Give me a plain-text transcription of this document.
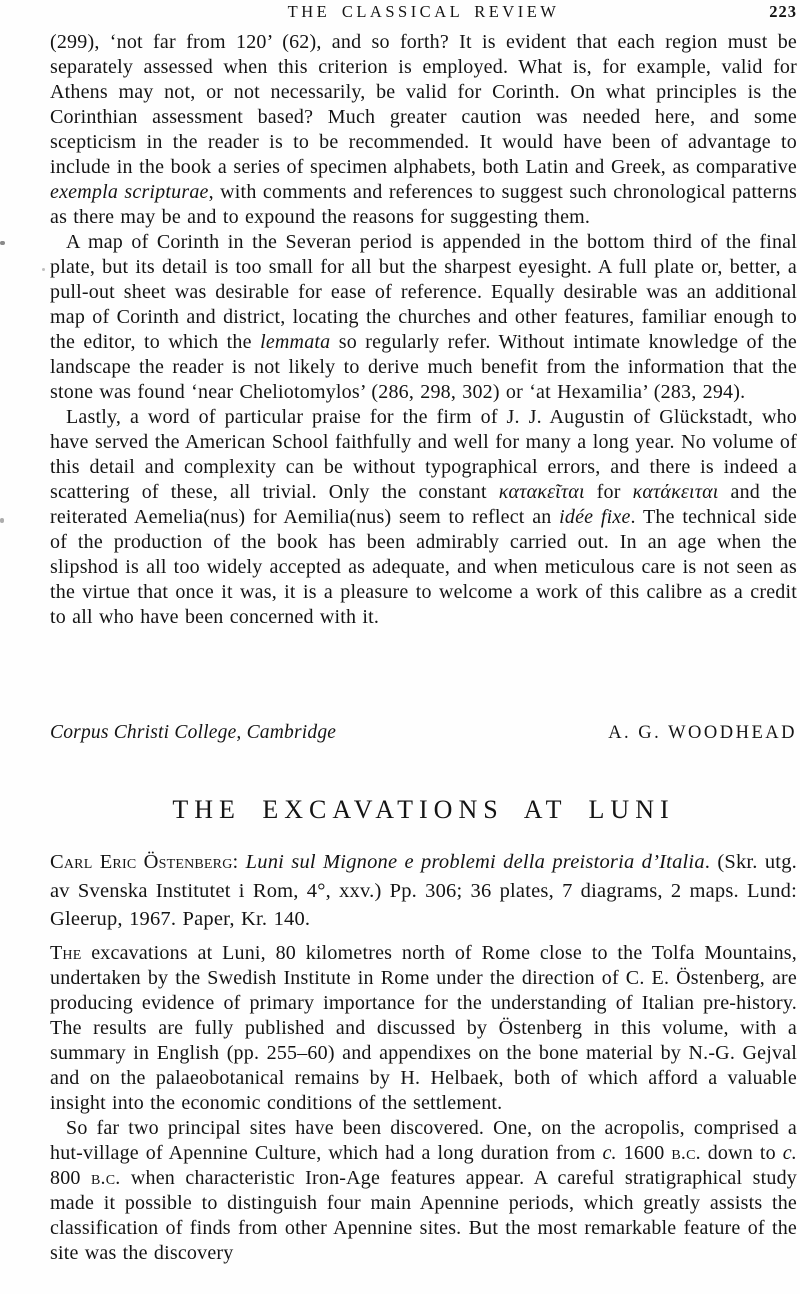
THE CLASSICAL REVIEW	223

(299), ‘not far from 120’ (62), and so forth? It is evident that each region must be separately assessed when this criterion is employed. What is, for example, valid for Athens may not, or not necessarily, be valid for Corinth. On what principles is the Corinthian assessment based? Much greater caution was needed here, and some scepticism in the reader is to be recommended. It would have been of advantage to include in the book a series of specimen alphabets, both Latin and Greek, as comparative exempla scripturae, with comments and references to suggest such chronological patterns as there may be and to expound the reasons for suggesting them.

A map of Corinth in the Severan period is appended in the bottom third of the final plate, but its detail is too small for all but the sharpest eyesight. A full plate or, better, a pull-out sheet was desirable for ease of reference. Equally desirable was an additional map of Corinth and district, locating the churches and other features, familiar enough to the editor, to which the lemmata so regularly refer. Without intimate knowledge of the landscape the reader is not likely to derive much benefit from the information that the stone was found ‘near Cheliotomylos’ (286, 298, 302) or ‘at Hexamilia’ (283, 294).

Lastly, a word of particular praise for the firm of J. J. Augustin of Glückstadt, who have served the American School faithfully and well for many a long year. No volume of this detail and complexity can be without typographical errors, and there is indeed a scattering of these, all trivial. Only the constant κατακεῖται for κατάκειται and the reiterated Aemelia(nus) for Aemilia(nus) seem to reflect an idée fixe. The technical side of the production of the book has been admirably carried out. In an age when the slipshod is all too widely accepted as adequate, and when meticulous care is not seen as the virtue that once it was, it is a pleasure to welcome a work of this calibre as a credit to all who have been concerned with it.

Corpus Christi College, Cambridge	A. G. WOODHEAD
THE EXCAVATIONS AT LUNI
Carl Eric Östenberg: Luni sul Mignone e problemi della preistoria d’Italia. (Skr. utg. av Svenska Institutet i Rom, 4°, xxv.) Pp. 306; 36 plates, 7 diagrams, 2 maps. Lund: Gleerup, 1967. Paper, Kr. 140.

The excavations at Luni, 80 kilometres north of Rome close to the Tolfa Mountains, undertaken by the Swedish Institute in Rome under the direction of C. E. Östenberg, are producing evidence of primary importance for the understanding of Italian pre-history. The results are fully published and discussed by Östenberg in this volume, with a summary in English (pp. 255–60) and appendixes on the bone material by N.-G. Gejval and on the palaeobotanical remains by H. Helbaek, both of which afford a valuable insight into the economic conditions of the settlement.

So far two principal sites have been discovered. One, on the acropolis, comprised a hut-village of Apennine Culture, which had a long duration from c. 1600 b.c. down to c. 800 b.c. when characteristic Iron-Age features appear. A careful stratigraphical study made it possible to distinguish four main Apennine periods, which greatly assists the classification of finds from other Apennine sites. But the most remarkable feature of the site was the discovery
